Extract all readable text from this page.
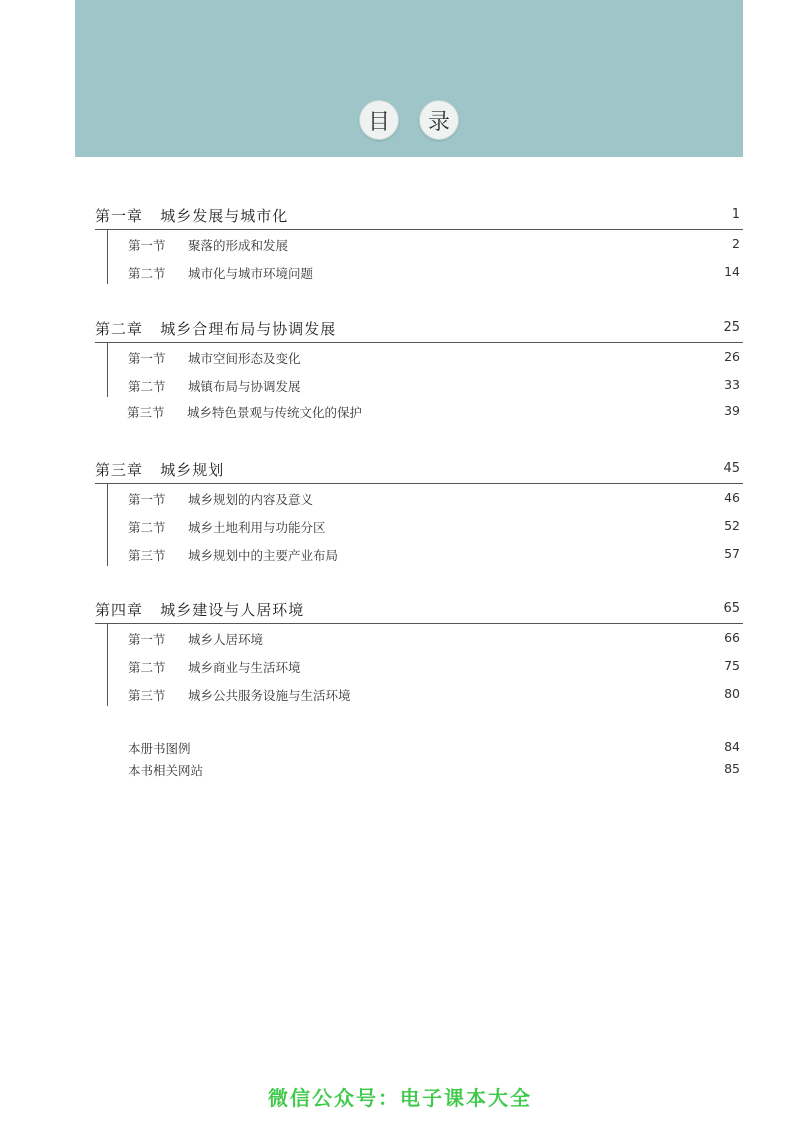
目	录
第一章   城乡发展与城市化	1
第一节 聚落的形成和发展	2
第二节 城市化与城市环境问题	14
第二章   城乡合理布局与协调发展	25
第一节 城市空间形态及变化	26
第二节 城镇布局与协调发展	33
第三节 城乡特色景观与传统文化的保护	39
第三章   城乡规划	45
第一节 城乡规划的内容及意义	46
第二节 城乡土地利用与功能分区	52
第三节 城乡规划中的主要产业布局	57
第四章   城乡建设与人居环境	65
第一节 城乡人居环境	66
第二节 城乡商业与生活环境	75
第三节 城乡公共服务设施与生活环境	80
本册书图例	84
本书相关网站	85
微信公众号：电子课本大全
